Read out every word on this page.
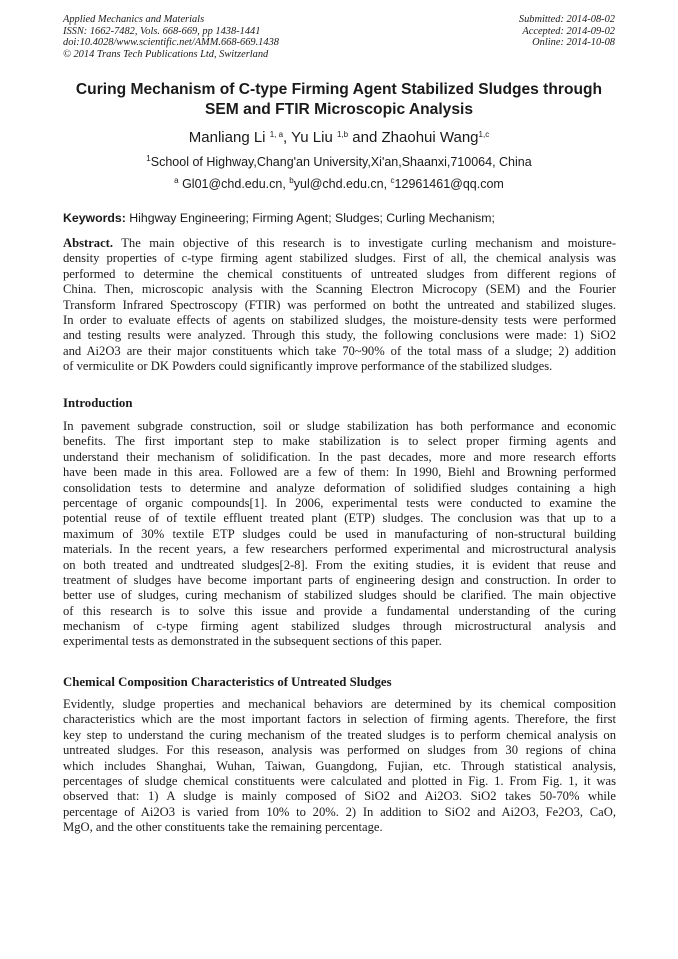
Applied Mechanics and Materials
ISSN: 1662-7482, Vols. 668-669, pp 1438-1441
doi:10.4028/www.scientific.net/AMM.668-669.1438
© 2014 Trans Tech Publications Ltd, Switzerland
Submitted: 2014-08-02
Accepted: 2014-09-02
Online: 2014-10-08
Curing Mechanism of C-type Firming Agent Stabilized Sludges through
SEM and FTIR Microscopic Analysis
Manliang Li $^{1, a}$, Yu Liu $^{1,b}$ and Zhaohui Wang$^{1,c}$
$^1$School of Highway,Chang'an University,Xi'an,Shaanxi,710064, China
$^a$ Gl01@chd.edu.cn, $^b$yul@chd.edu.cn, $^c$12961461@qq.com
Keywords: Hihgway Engineering; Firming Agent; Sludges; Curling Mechanism;
Abstract. The main objective of this research is to investigate curling mechanism and moisture-
density properties of c-type firming agent stabilized sludges. First of all, the chemical analysis was
performed to determine the chemical constituents of untreated sludges from different regions of
China. Then, microscopic analysis with the Scanning Electron Microcopy (SEM) and the Fourier
Transform Infrared Spectroscopy (FTIR) was performed on botht the untreated and stabilized sluges.
In order to evaluate effects of agents on stabilized sludges, the moisture-density tests were performed
and testing results were analyzed. Through this study, the following conclusions were made: 1) SiO2
and Ai2O3 are their major constituents which take 70~90% of the total mass of a sludge; 2) addition
of vermiculite or DK Powders could significantly improve performance of the stabilized sludges.
Introduction
In pavement subgrade construction, soil or sludge stabilization has both performance and economic
benefits. The first important step to make stabilization is to select proper firming agents and
understand their mechanism of solidification. In the past decades, more and more research efforts
have been made in this area. Followed are a few of them: In 1990, Biehl and Browning performed
consolidation tests to determine and analyze deformation of solidified sludges containing a high
percentage of organic compounds[1]. In 2006, experimental tests were conducted to examine the
potential reuse of of textile effluent treated plant (ETP) sludges. The conclusion was that up to a
maximum of 30% textile ETP sludges could be used in manufacturing of non-structural building
materials. In the recent years, a few researchers performed experimental and microstructural analysis
on both treated and undtreated sludges[2-8]. From the exiting studies, it is evident that reuse and
treatment of sludges have become important parts of engineering design and construction. In order to
better use of sludges, curing mechanism of stabilized sludges should be clarified. The main objective
of this research is to solve this issue and provide a fundamental understanding of the curing
mechanism of c-type firming agent stabilized sludges through microstructural analysis and
experimental tests as demonstrated in the subsequent sections of this paper.
Chemical Composition Characteristics of Untreated Sludges
Evidently, sludge properties and mechanical behaviors are determined by its chemical composition
characteristics which are the most important factors in selection of firming agents. Therefore, the first
key step to understand the curing mechanism of the treated sludges is to perform chemical analysis on
untreated sludges. For this reseason, analysis was performed on sludges from 30 regions of china
which includes Shanghai, Wuhan, Taiwan, Guangdong, Fujian, etc. Through statistical analysis,
percentages of sludge chemical constituents were calculated and plotted in Fig. 1. From Fig. 1, it was
observed that: 1) A sludge is mainly composed of SiO2 and Ai2O3. SiO2 takes 50-70% while
percentage of Ai2O3 is varied from 10% to 20%. 2) In addition to SiO2 and Ai2O3, Fe2O3, CaO,
MgO, and the other constituents take the remaining percentage.
